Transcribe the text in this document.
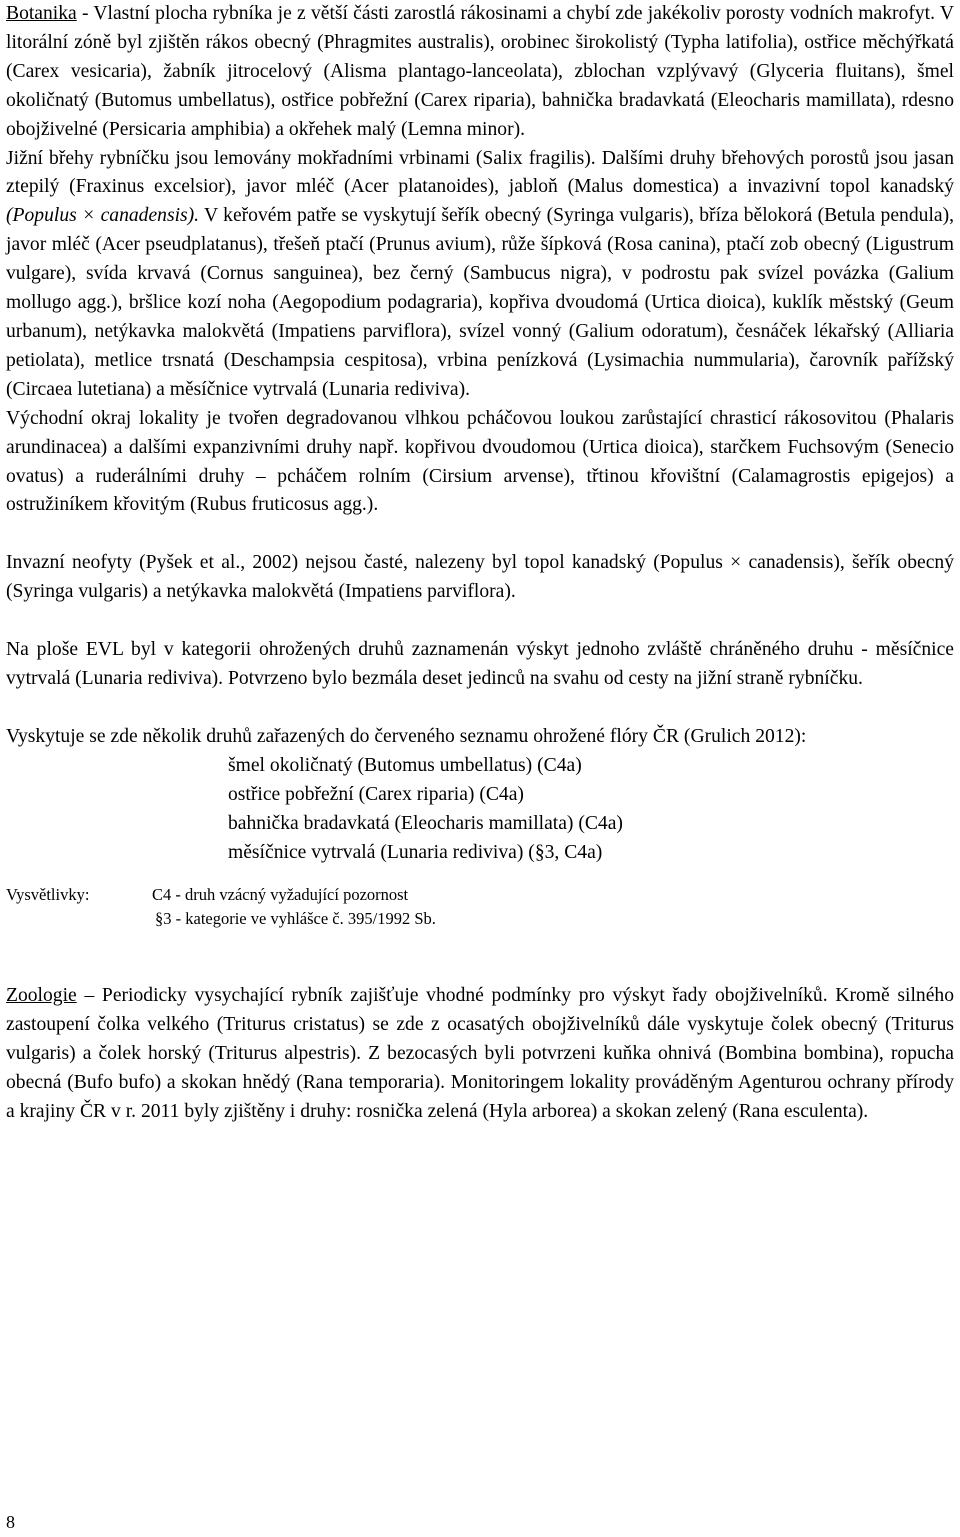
Botanika - Vlastní plocha rybníka je z větší části zarostlá rákosinami a chybí zde jakékoliv porosty vodních makrofyt. V litorální zóně byl zjištěn rákos obecný (Phragmites australis), orobinec širokolistý (Typha latifolia), ostřice měchýřkatá (Carex vesicaria), žabník jitrocelový (Alisma plantago-lanceolata), zblochan vzplývavý (Glyceria fluitans), šmel okoličnatý (Butomus umbellatus), ostřice pobřežní (Carex riparia), bahnička bradavkatá (Eleocharis mamillata), rdesno obojživelné (Persicaria amphibia) a okřehek malý (Lemna minor).

Jižní břehy rybníčku jsou lemovány mokřadními vrbinami (Salix fragilis). Dalšími druhy břehových porostů jsou jasan ztepilý (Fraxinus excelsior), javor mléč (Acer platanoides), jabloň (Malus domestica) a invazivní topol kanadský (Populus × canadensis). V keřovém patře se vyskytují šeřík obecný (Syringa vulgaris), bříza bělokorá (Betula pendula), javor mléč (Acer pseudplatanus), třešeň ptačí (Prunus avium), růže šípková (Rosa canina), ptačí zob obecný (Ligustrum vulgare), svída krvavá (Cornus sanguinea), bez černý (Sambucus nigra), v podrostu pak svízel povázka (Galium mollugo agg.), bršlice kozí noha (Aegopodium podagraria), kopřiva dvoudomá (Urtica dioica), kuklík městský (Geum urbanum), netýkavka malokvětá (Impatiens parviflora), svízel vonný (Galium odoratum), česnáček lékařský (Alliaria petiolata), metlice trsnatá (Deschampsia cespitosa), vrbina penízková (Lysimachia nummularia), čarovník pařížský (Circaea lutetiana) a měsíčnice vytrvalá (Lunaria rediviva).

Východní okraj lokality je tvořen degradovanou vlhkou pcháčovou loukou zarůstající chrasticí rákosovitou (Phalaris arundinacea) a dalšími expanzivními druhy např. kopřivou dvoudomou (Urtica dioica), starčkem Fuchsovým (Senecio ovatus) a ruderálními druhy – pcháčem rolním (Cirsium arvense), třtinou křovištní (Calamagrostis epigejos) a ostružiníkem křovitým (Rubus fruticosus agg.).

Invazní neofyty (Pyšek et al., 2002) nejsou časté, nalezeny byl topol kanadský (Populus × canadensis), šeřík obecný (Syringa vulgaris) a netýkavka malokvětá (Impatiens parviflora).

Na ploše EVL byl v kategorii ohrožených druhů zaznamenán výskyt jednoho zvláště chráněného druhu - měsíčnice vytrvalá (Lunaria rediviva). Potvrzeno bylo bezmála deset jedinců na svahu od cesty na jižní straně rybníčku.

Vyskytuje se zde několik druhů zařazených do červeného seznamu ohrožené flóry ČR (Grulich 2012):

šmel okoličnatý (Butomus umbellatus) (C4a)
ostřice pobřežní (Carex riparia) (C4a)
bahnička bradavkatá (Eleocharis mamillata) (C4a)
měsíčnice vytrvalá (Lunaria rediviva) (§3, C4a)
Vysvětlivky:	C4 - druh vzácný vyžadující pozornost
§3 - kategorie ve vyhlášce č. 395/1992 Sb.

Zoologie – Periodicky vysychající rybník zajišťuje vhodné podmínky pro výskyt řady obojživelníků. Kromě silného zastoupení čolka velkého (Triturus cristatus) se zde z ocasatých obojživelníků dále vyskytuje čolek obecný (Triturus vulgaris) a čolek horský (Triturus alpestris). Z bezocasých byli potvrzeni kuňka ohnivá (Bombina bombina), ropucha obecná (Bufo bufo) a skokan hnědý (Rana temporaria). Monitoringem lokality prováděným Agenturou ochrany přírody a krajiny ČR v r. 2011 byly zjištěny i druhy: rosnička zelená (Hyla arborea) a skokan zelený (Rana esculenta).

8
